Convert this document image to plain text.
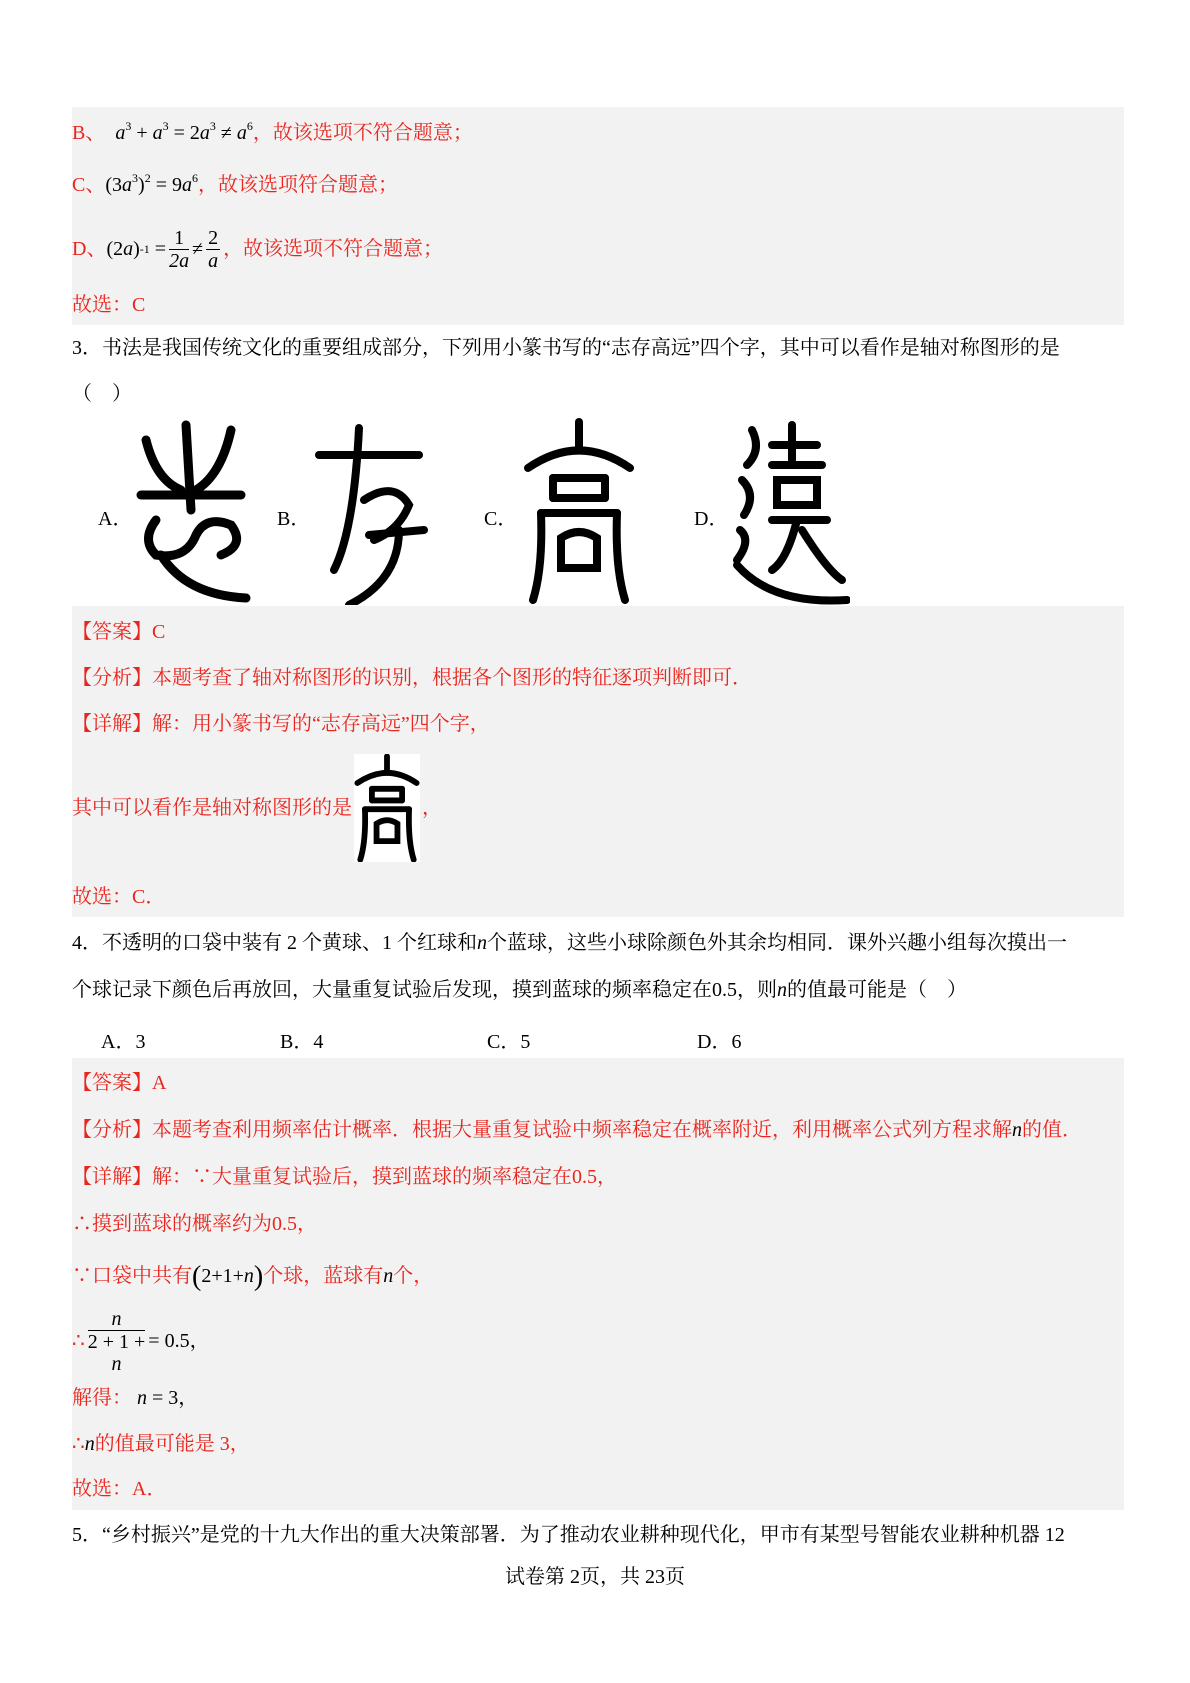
B、 $a^3 + a^3 = 2a^3 \ne a^6$，故该选项不符合题意；
C、$(3a^3)^2 = 9a^6$，故该选项符合题意；
D、 (2 a ) -1
= $\frac{1}{2a} \ne \frac{2}{a}$ ，故该选项不符合题意；
故选：C
3．书法是我国传统文化的重要组成部分，下列用小篆书写的“志存高远”四个字，其中可以看作是轴对称图形的是
（　）
A．	B．	C．	D．
【答案】C
【分析】本题考查了轴对称图形的识别，根据各个图形的特征逐项判断即可．
【详解】解：用小篆书写的“志存高远”四个字，
其中可以看作是轴对称图形的是	，
故选：C．
4．不透明的口袋中装有 2 个黄球、1 个红球和n个蓝球，这些小球除颜色外其余均相同．课外兴趣小组每次摸出一
个球记录下颜色后再放回，大量重复试验后发现，摸到蓝球的频率稳定在0.5，则n的值最可能是（　）
A．3	B．4	C．5	D．6
【答案】A
【分析】本题考查利用频率估计概率．根据大量重复试验中频率稳定在概率附近，利用概率公式列方程求解n的值．
【详解】解：∵大量重复试验后，摸到蓝球的频率稳定在0.5，
∴摸到蓝球的概率约为0.5，
∵口袋中共有(2+1+n)个球，蓝球有n个，
∴ n
2 + 1 +
n = 0.5，
解得： n = 3，
∴n的值最可能是 3，
故选：A．
5．“乡村振兴”是党的十九大作出的重大决策部署．为了推动农业耕种现代化，甲市有某型号智能农业耕种机器 12
试卷第 2页，共 23页
